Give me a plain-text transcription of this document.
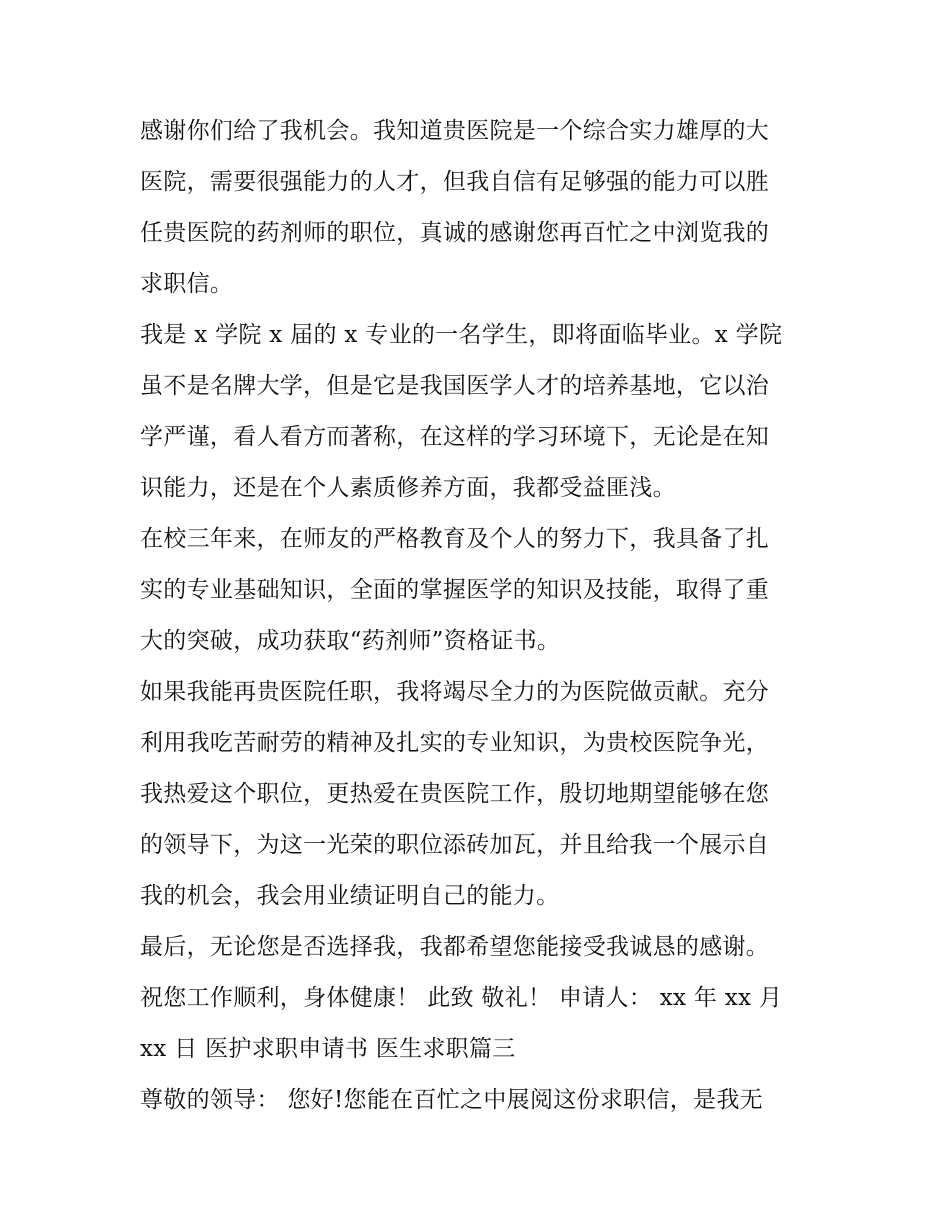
感谢你们给了我机会。我知道贵医院是一个综合实力雄厚的大
医院，需要很强能力的人才，但我自信有足够强的能力可以胜
任贵医院的药剂师的职位，真诚的感谢您再百忙之中浏览我的
求职信。
我是 x 学院 x 届的 x 专业的一名学生，即将面临毕业。x 学院
虽不是名牌大学，但是它是我国医学人才的培养基地，它以治
学严谨，看人看方而著称，在这样的学习环境下，无论是在知
识能力，还是在个人素质修养方面，我都受益匪浅。
在校三年来，在师友的严格教育及个人的努力下，我具备了扎
实的专业基础知识，全面的掌握医学的知识及技能，取得了重
大的突破，成功获取“药剂师”资格证书。
如果我能再贵医院任职，我将竭尽全力的为医院做贡献。充分
利用我吃苦耐劳的精神及扎实的专业知识，为贵校医院争光，
我热爱这个职位，更热爱在贵医院工作，殷切地期望能够在您
的领导下，为这一光荣的职位添砖加瓦，并且给我一个展示自
我的机会，我会用业绩证明自己的能力。
最后，无论您是否选择我，我都希望您能接受我诚恳的感谢。
祝您工作顺利，身体健康！ 此致 敬礼！ 申请人： xx 年 xx 月
xx 日 医护求职申请书 医生求职篇三
尊敬的领导： 您好!您能在百忙之中展阅这份求职信，是我无
